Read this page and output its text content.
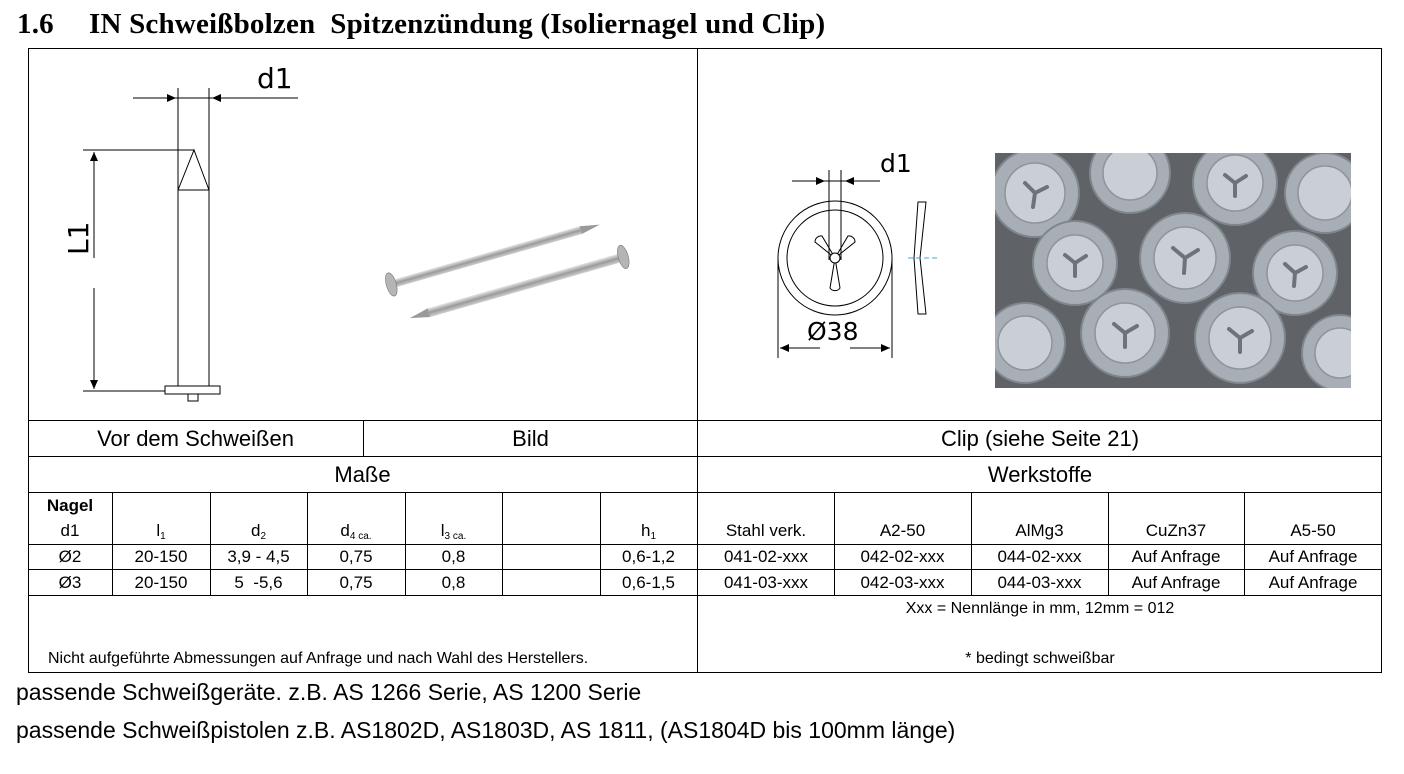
1.6 IN Schweißbolzen  Spitzenzündung (Isoliernagel und Clip)
d1
L1
d1
Ø38
Vor dem Schweißen	Bild	Clip (siehe Seite 21)
Maße	Werkstoffe
Nagel
d1	$l_1$	$d_2$	$d_{4 ca.}$	$l_{3 ca.}$	$h_1$	Stahl verk.	A2-50	AlMg3	CuZn37	A5-50
Ø2	20-150	3,9 - 4,5	0,75	0,8	0,6-1,2	041-02-xxx	042-02-xxx	044-02-xxx	Auf Anfrage	Auf Anfrage
Ø3	20-150	5  -5,6	0,75	0,8	0,6-1,5	041-03-xxx	042-03-xxx	044-03-xxx	Auf Anfrage	Auf Anfrage
Nicht aufgeführte Abmessungen auf Anfrage und nach Wahl des Herstellers.
Xxx = Nennlänge in mm, 12mm = 012
* bedingt schweißbar
passende Schweißgeräte. z.B. AS 1266 Serie, AS 1200 Serie
passende Schweißpistolen z.B. AS1802D, AS1803D, AS 1811, (AS1804D bis 100mm länge)
